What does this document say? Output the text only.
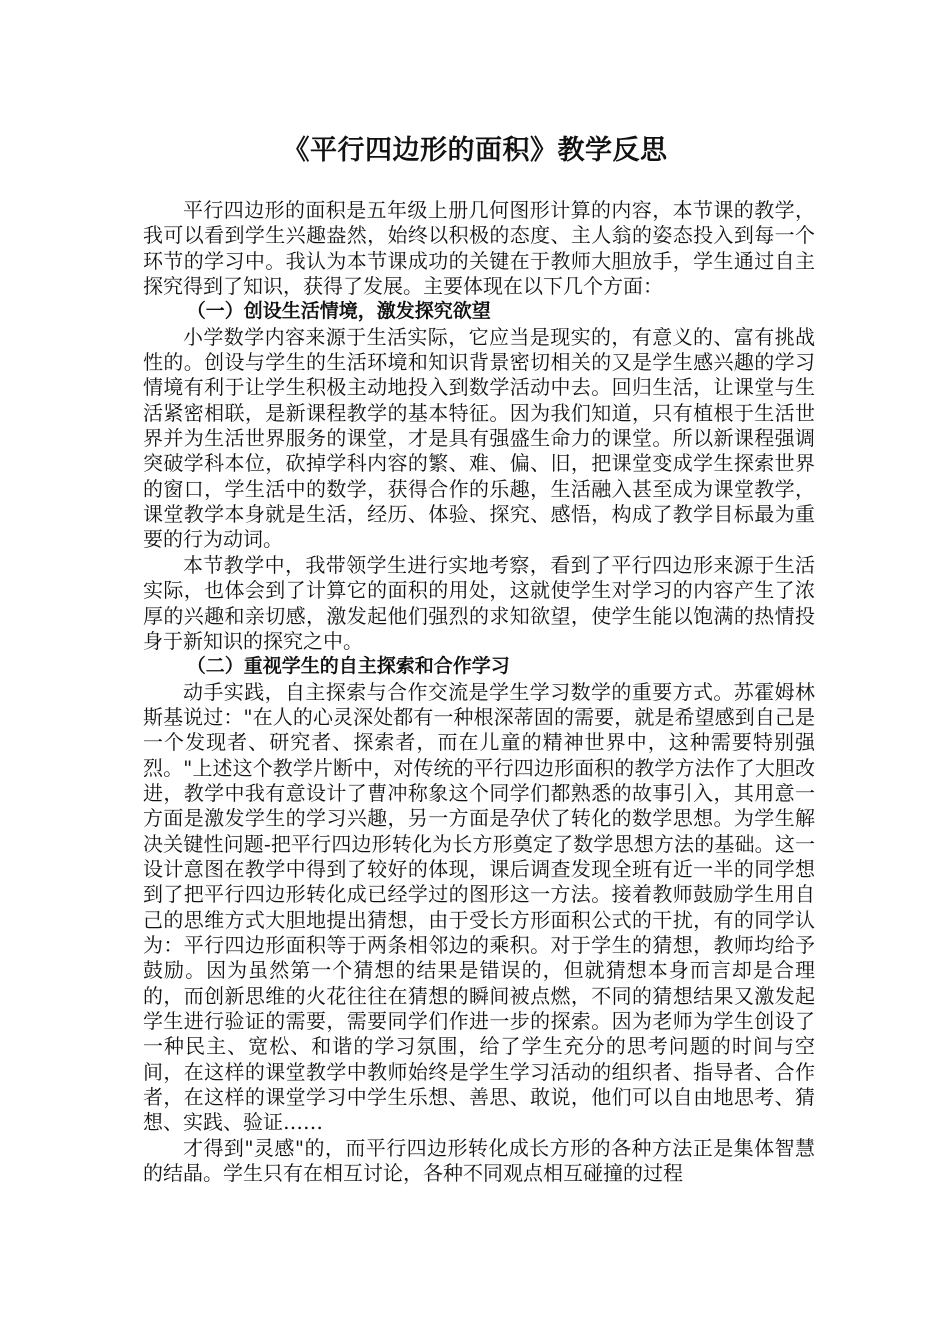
《平行四边形的面积》教学反思

平行四边形的面积是五年级上册几何图形计算的内容，本节课的教学，我可以看到学生兴趣盎然，始终以积极的态度、主人翁的姿态投入到每一个环节的学习中。我认为本节课成功的关键在于教师大胆放手，学生通过自主探究得到了知识，获得了发展。主要体现在以下几个方面：

（一）创设生活情境，激发探究欲望

小学数学内容来源于生活实际，它应当是现实的，有意义的、富有挑战性的。创设与学生的生活环境和知识背景密切相关的又是学生感兴趣的学习情境有利于让学生积极主动地投入到数学活动中去。回归生活，让课堂与生活紧密相联，是新课程教学的基本特征。因为我们知道，只有植根于生活世界并为生活世界服务的课堂，才是具有强盛生命力的课堂。所以新课程强调突破学科本位，砍掉学科内容的繁、难、偏、旧，把课堂变成学生探索世界的窗口，学生活中的数学，获得合作的乐趣，生活融入甚至成为课堂教学，课堂教学本身就是生活，经历、体验、探究、感悟，构成了教学目标最为重要的行为动词。

本节教学中，我带领学生进行实地考察，看到了平行四边形来源于生活实际，也体会到了计算它的面积的用处，这就使学生对学习的内容产生了浓厚的兴趣和亲切感，激发起他们强烈的求知欲望，使学生能以饱满的热情投身于新知识的探究之中。

（二）重视学生的自主探索和合作学习

动手实践，自主探索与合作交流是学生学习数学的重要方式。苏霍姆林斯基说过："在人的心灵深处都有一种根深蒂固的需要，就是希望感到自己是一个发现者、研究者、探索者，而在儿童的精神世界中，这种需要特别强烈。"上述这个教学片断中，对传统的平行四边形面积的教学方法作了大胆改进，教学中我有意设计了曹冲称象这个同学们都熟悉的故事引入，其用意一方面是激发学生的学习兴趣，另一方面是孕伏了转化的数学思想。为学生解决关键性问题-把平行四边形转化为长方形奠定了数学思想方法的基础。这一设计意图在教学中得到了较好的体现，课后调查发现全班有近一半的同学想到了把平行四边形转化成已经学过的图形这一方法。接着教师鼓励学生用自己的思维方式大胆地提出猜想，由于受长方形面积公式的干扰，有的同学认为：平行四边形面积等于两条相邻边的乘积。对于学生的猜想，教师均给予鼓励。因为虽然第一个猜想的结果是错误的，但就猜想本身而言却是合理的，而创新思维的火花往往在猜想的瞬间被点燃，不同的猜想结果又激发起学生进行验证的需要，需要同学们作进一步的探索。因为老师为学生创设了一种民主、宽松、和谐的学习氛围，给了学生充分的思考问题的时间与空间，在这样的课堂教学中教师始终是学生学习活动的组织者、指导者、合作者，在这样的课堂学习中学生乐想、善思、敢说，他们可以自由地思考、猜想、实践、验证……

才得到"灵感"的，而平行四边形转化成长方形的各种方法正是集体智慧的结晶。学生只有在相互讨论，各种不同观点相互碰撞的过程
